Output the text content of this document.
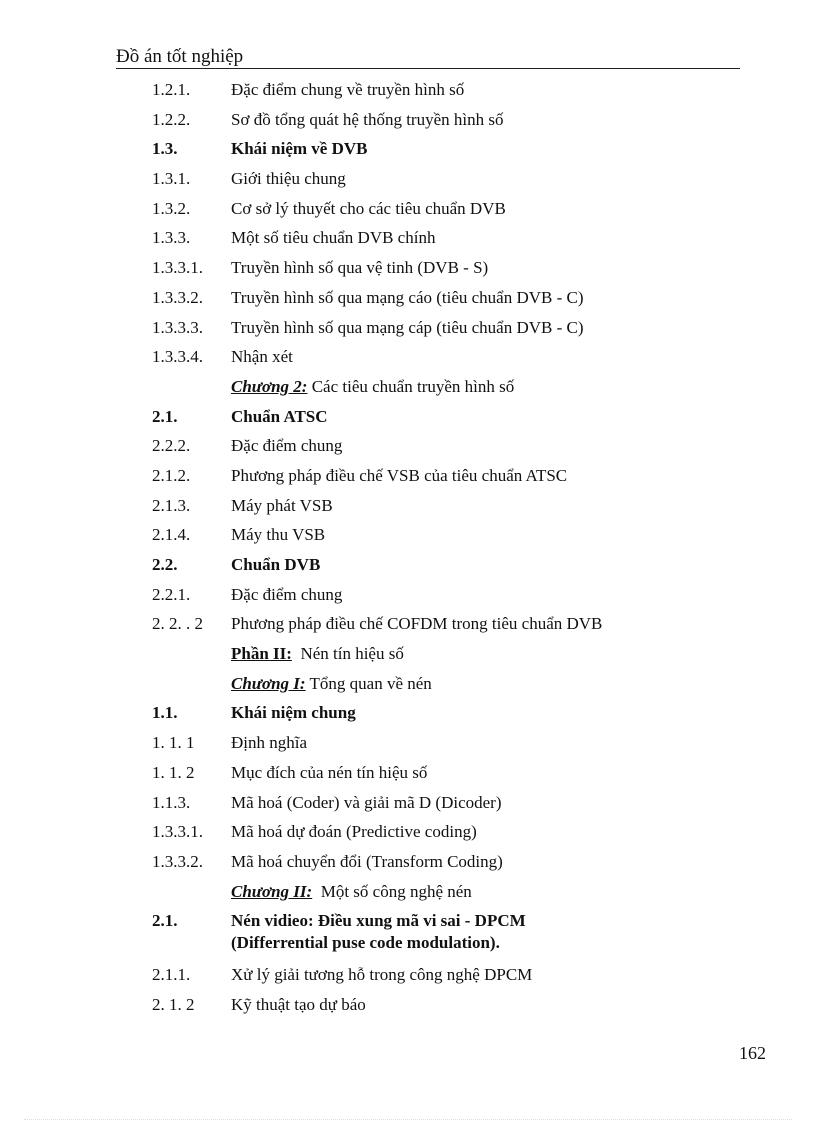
Đồ án tốt nghiệp
1.2.1.	Đặc điểm chung về truyền hình số
1.2.2.	Sơ đồ tổng quát hệ thống truyền hình số
1.3.	Khái niệm về DVB
1.3.1.	Giới thiệu chung
1.3.2.	Cơ sở lý thuyết cho các tiêu chuẩn DVB
1.3.3.	Một số tiêu chuẩn DVB chính
1.3.3.1.	Truyền hình số qua vệ tinh (DVB - S)
1.3.3.2.	Truyền hình số qua mạng cáo (tiêu chuẩn DVB - C)
1.3.3.3.	Truyền hình số qua mạng cáp (tiêu chuẩn DVB - C)
1.3.3.4.	Nhận xét
Chương 2: Các tiêu chuẩn truyền hình số
2.1.	Chuẩn ATSC
2.2.2.	Đặc điểm chung
2.1.2.	Phương pháp điều chế VSB của tiêu chuẩn ATSC
2.1.3.	Máy phát VSB
2.1.4.	Máy thu VSB
2.2.	Chuẩn DVB
2.2.1.	Đặc điểm chung
2. 2. . 2	Phương pháp điều chế COFDM trong tiêu chuẩn DVB
Phần II:  Nén tín hiệu số
Chương I: Tổng quan về nén
1.1.	Khái niệm chung
1. 1. 1	Định nghĩa
1. 1. 2	Mục đích của nén tín hiệu số
1.1.3.	Mã hoá (Coder) và giải mã D (Dicoder)
1.3.3.1.	Mã hoá dự đoán (Predictive coding)
1.3.3.2.	Mã hoá chuyển đổi (Transform Coding)
Chương II:  Một số công nghệ nén
2.1.	Nén vidieo: Điều xung mã vi sai - DPCM
(Differrential puse code modulation).
2.1.1.	Xử lý giải tương hỗ trong công nghệ DPCM
2. 1. 2	Kỹ thuật tạo dự báo
162
